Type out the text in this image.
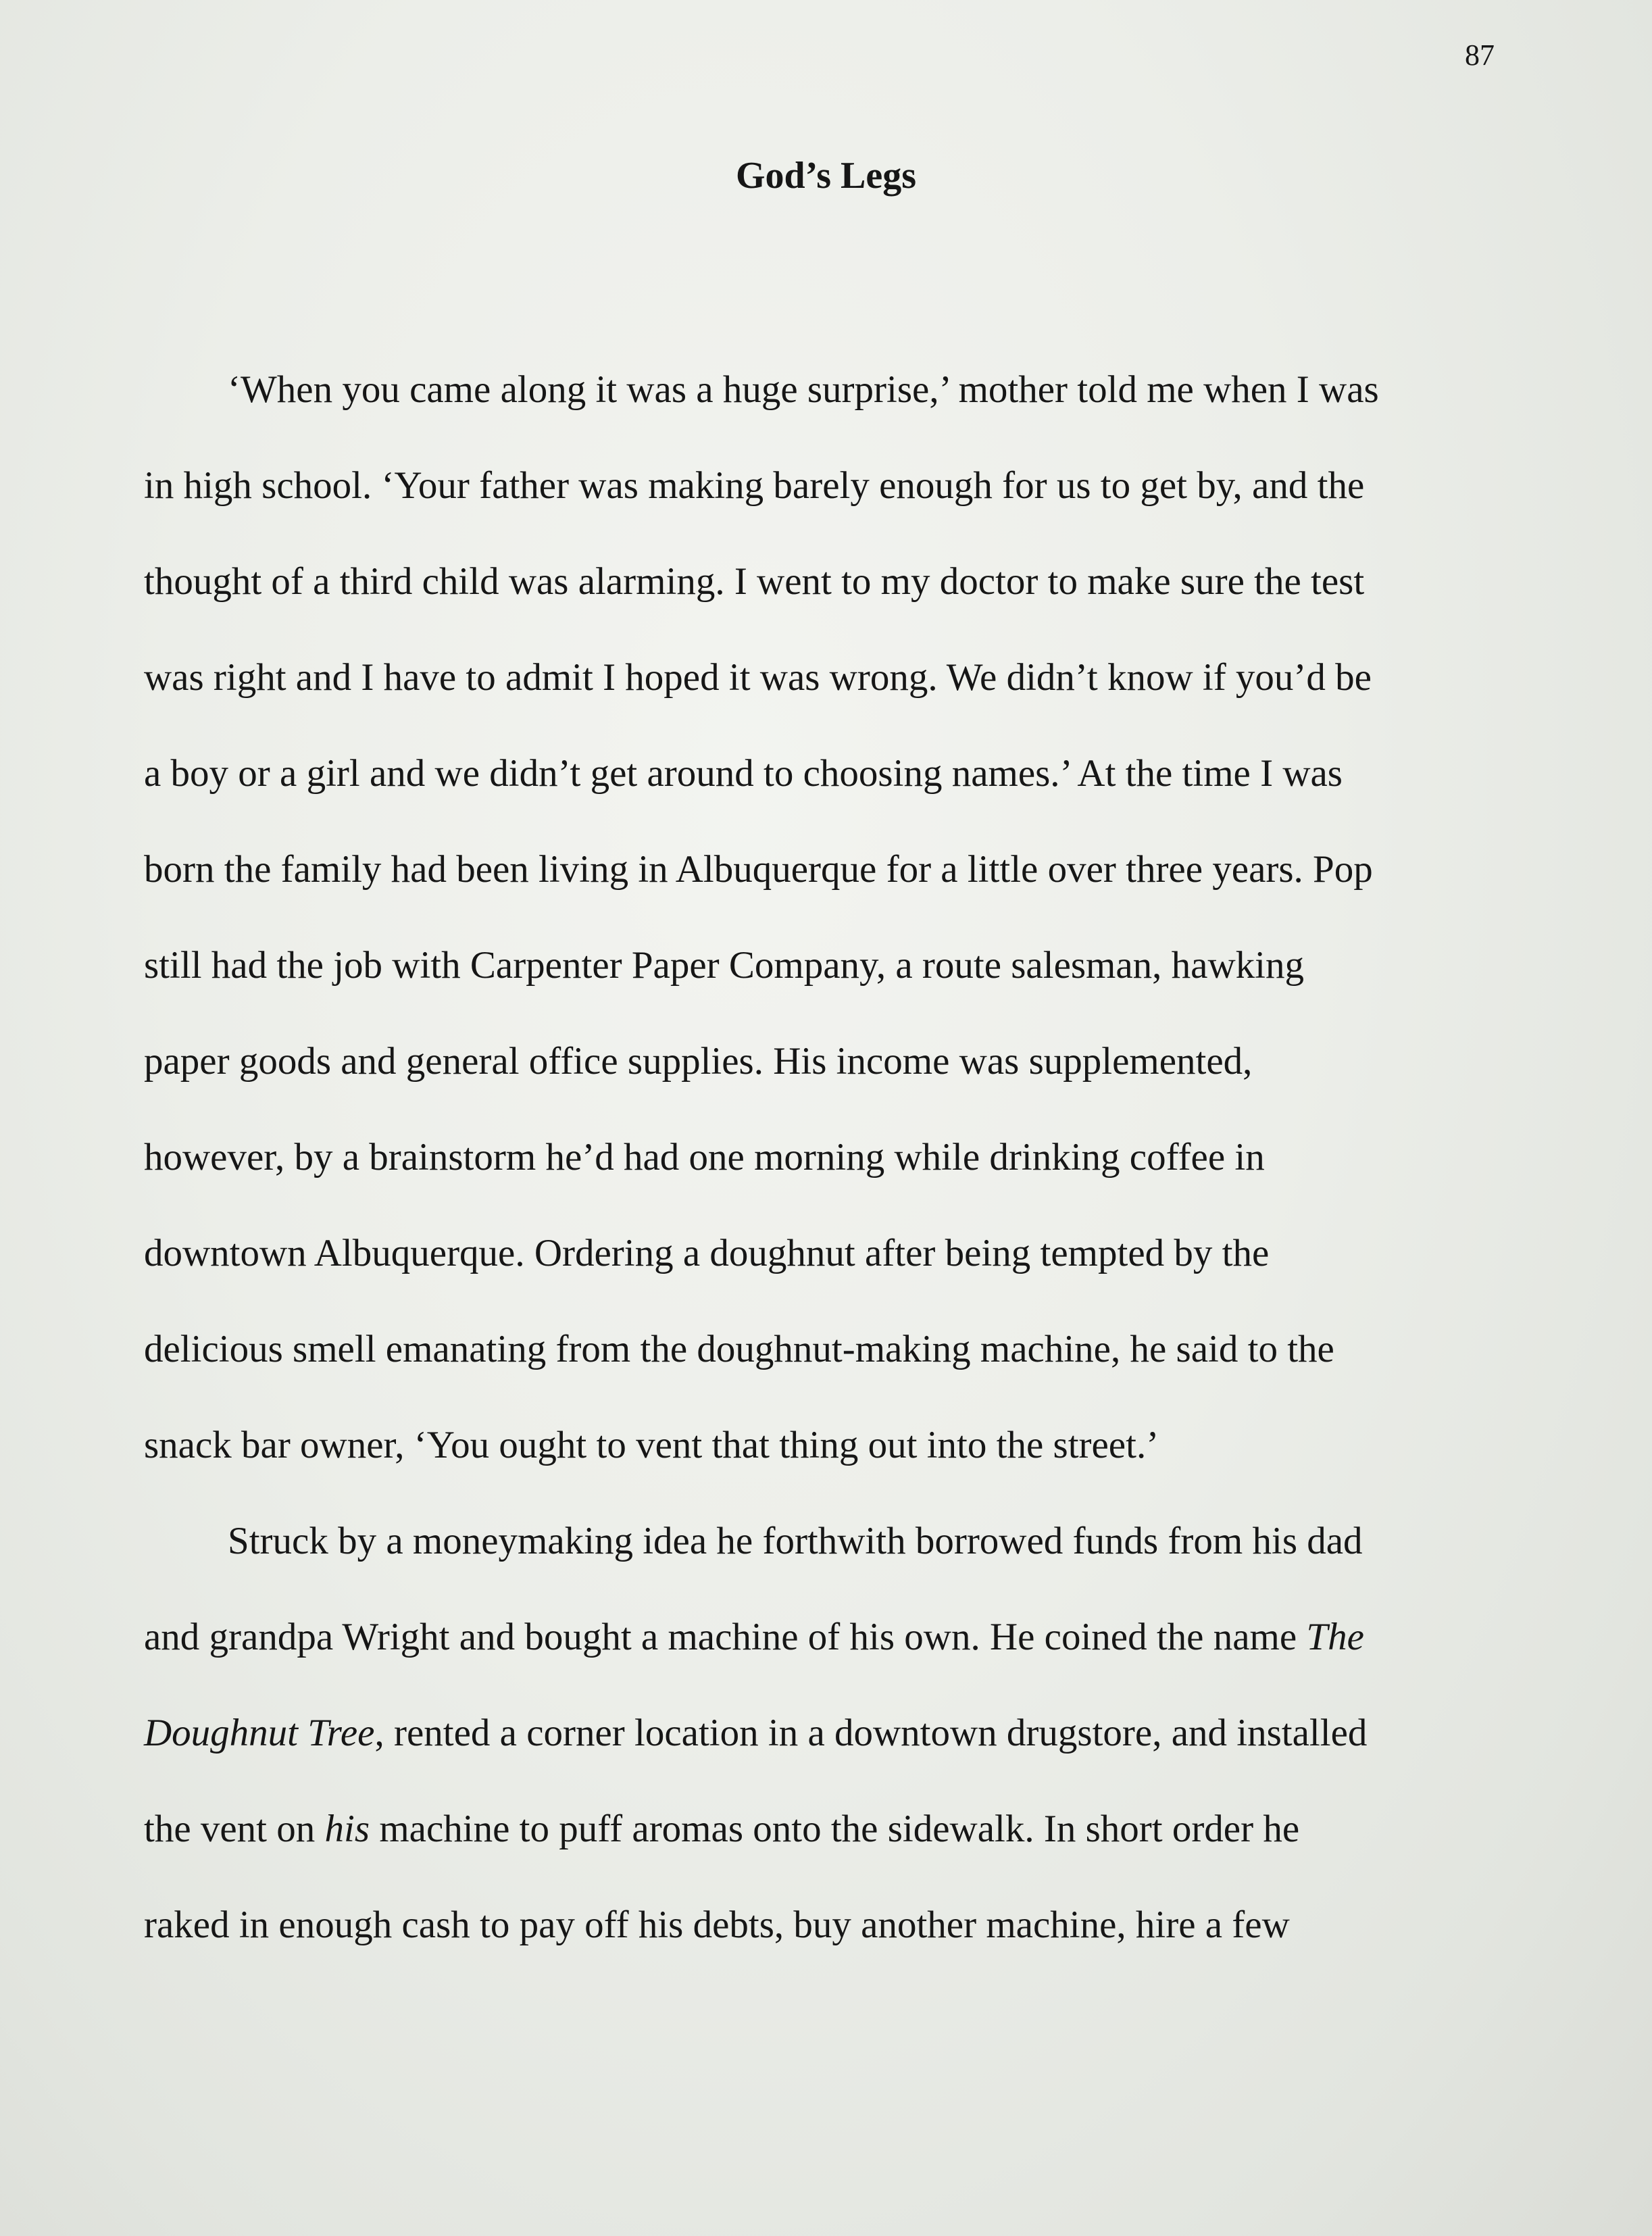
87

God’s Legs
‘When you came along it was a huge surprise,’ mother told me when I was
in high school. ‘Your father was making barely enough for us to get by, and the
thought of a third child was alarming. I went to my doctor to make sure the test
was right and I have to admit I hoped it was wrong. We didn’t know if you’d be
a boy or a girl and we didn’t get around to choosing names.’ At the time I was
born the family had been living in Albuquerque for a little over three years. Pop
still had the job with Carpenter Paper Company, a route salesman, hawking
paper goods and general office supplies. His income was supplemented,
however, by a brainstorm he’d had one morning while drinking coffee in
downtown Albuquerque. Ordering a doughnut after being tempted by the
delicious smell emanating from the doughnut-making machine, he said to the
snack bar owner, ‘You ought to vent that thing out into the street.’
Struck by a moneymaking idea he forthwith borrowed funds from his dad
and grandpa Wright and bought a machine of his own. He coined the name The
Doughnut Tree, rented a corner location in a downtown drugstore, and installed
the vent on his machine to puff aromas onto the sidewalk. In short order he
raked in enough cash to pay off his debts, buy another machine, hire a few
